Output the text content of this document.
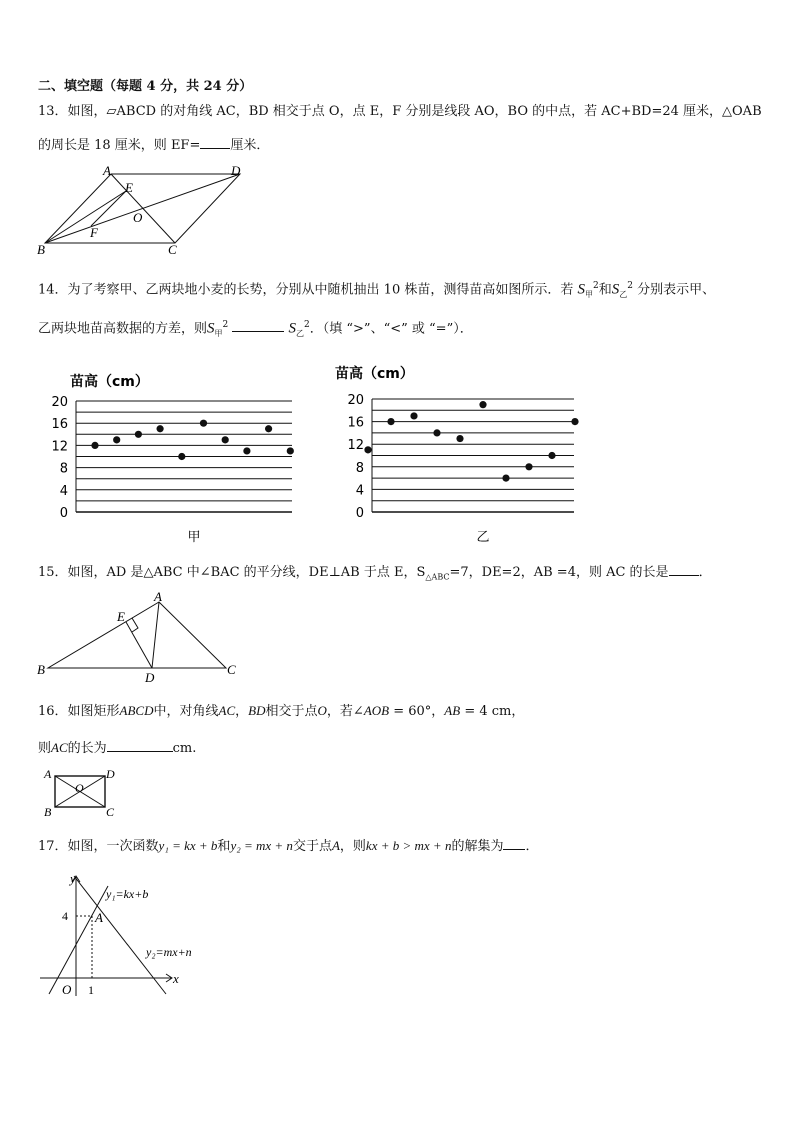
二、填空题（每题 4 分，共 24 分）
13．如图，▱ABCD 的对角线 AC，BD 相交于点 O，点 E，F 分别是线段 AO，BO 的中点，若 AC+BD=24 厘米，△OAB
的周长是 18 厘米，则 EF= 厘米．
A	D
E
O
F
B	C
14．为了考察甲、乙两块地小麦的长势，分别从中随机抽出 10 株苗，测得苗高如图所示．若 $S_甲^2$和$S_乙^2$ 分别表示甲、
乙两块地苗高数据的方差，则$S_甲^2$	$S_乙^2$．（填 “>”、“<” 或 “=”）．
苗高（cm）
0
4
8
12
16
20
甲
苗高（cm）
0
4
8
12
16
20
乙
15．如图，AD 是△ABC 中∠BAC 的平分线，DE⊥AB 于点 E，$S_{\triangle ABC}=7$，DE=2，AB =4，则 AC 的长是 ．
A
E
B
D
C
16．如图矩形ABCD中，对角线AC，BD相交于点O，若∠AOB = 60°，AB = 4 cm，
则AC的长为	cm.
A	D
O
B	C
17．如图，一次函数y₁ = kx + b和y₂ = mx + n交于点A，则kx + b > mx + n的解集为 ．
y
x
O
A
y₁=kx+b
y₂=mx+n
1
4
